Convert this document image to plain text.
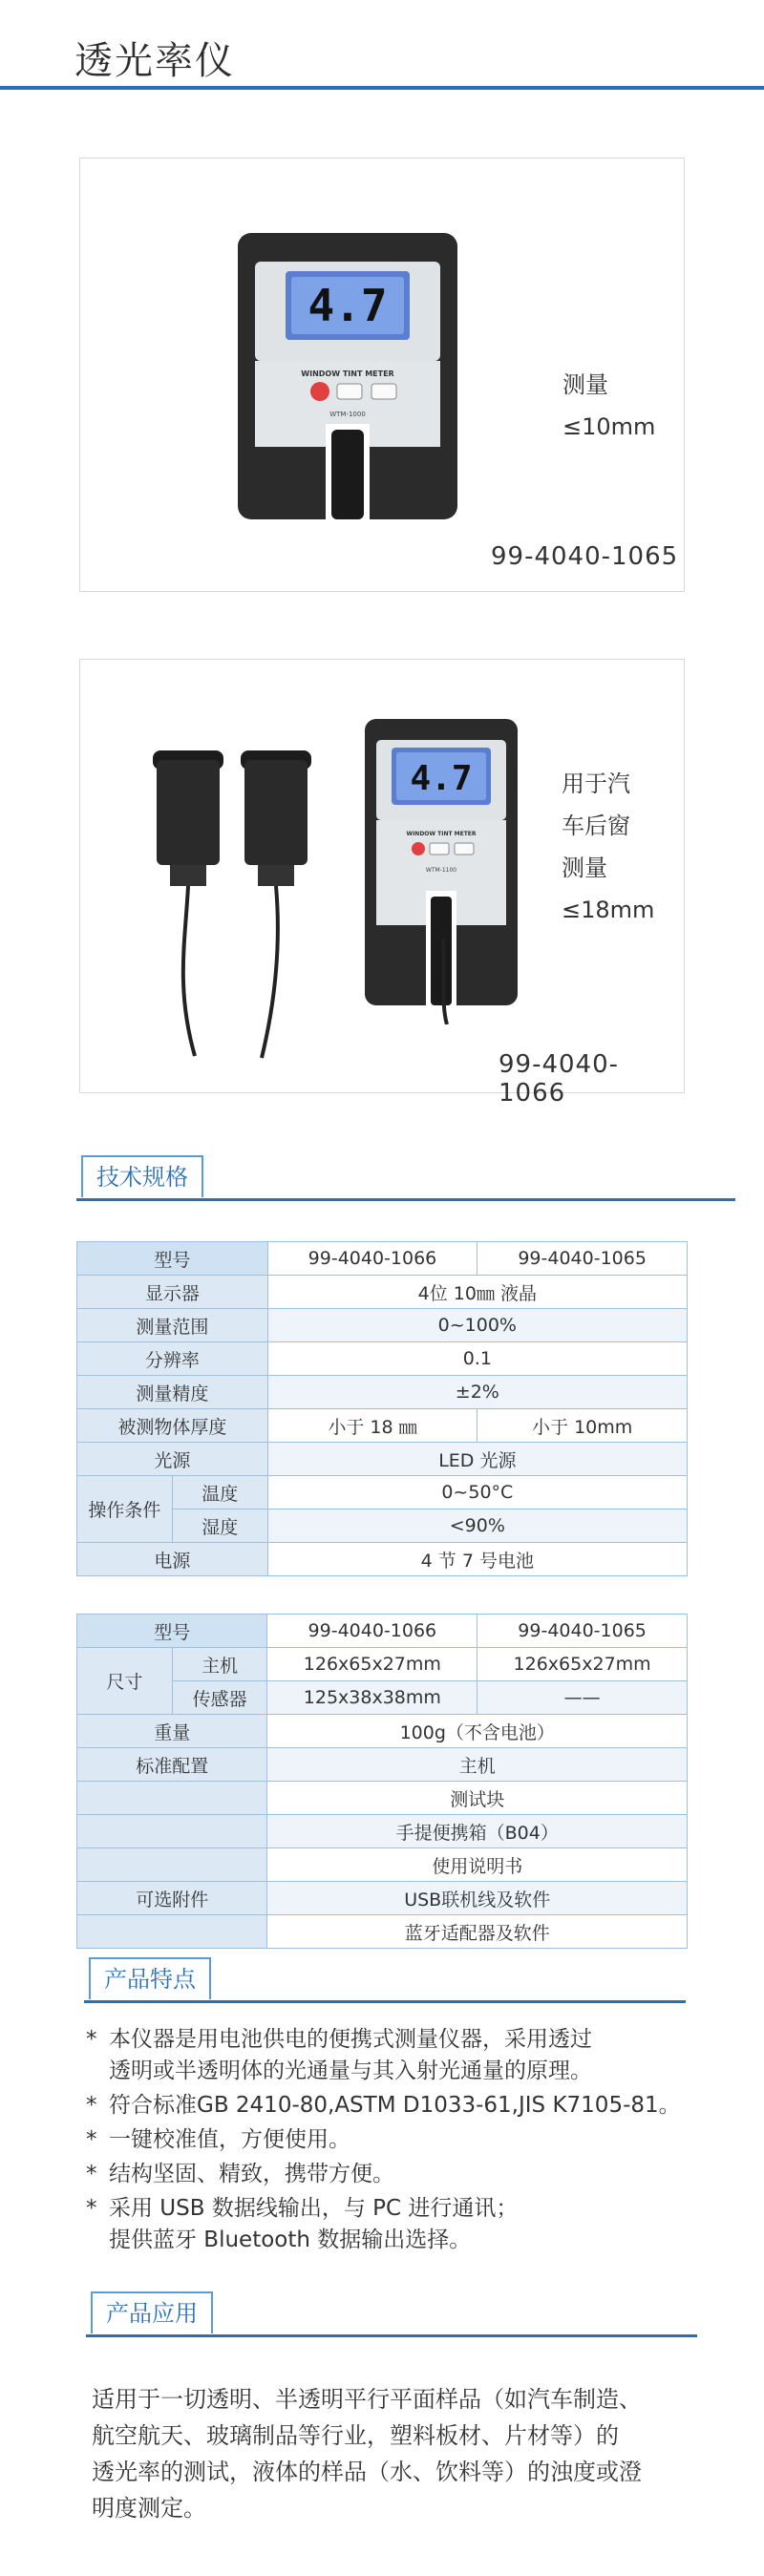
透光率仪
4.7
WINDOW TINT METER
WTM-1000
测量
≤10mm
99-4040-1065
4.7
WINDOW TINT METER
WTM-1100
用于汽
车后窗
测量
≤18mm
99-4040-1066
技术规格
型号		99-4040-1066	99-4040-1065
显示器		4位 10㎜ 液晶	
测量范围		0~100%	
分辨率		0.1	
测量精度		±2%	
被测物体厚度		小于 18 ㎜	小于 10mm
光源		LED 光源	
操作条件	温度	0~50°C	
	湿度	<90%	
电源		4 节 7 号电池	
型号		99-4040-1066	99-4040-1065
尺寸	主机	126x65x27mm	126x65x27mm
	传感器	125x38x38mm	——
重量		100g（不含电池）	
标准配置		主机	
		测试块	
		手提便携箱（B04）	
		使用说明书	
可选附件		USB联机线及软件	
		蓝牙适配器及软件	
产品特点
* 本仪器是用电池供电的便携式测量仪器，采用透过
透明或半透明体的光通量与其入射光通量的原理。
* 符合标准GB 2410-80,ASTM D1033-61,JIS K7105-81。
* 一键校准值，方便使用。
* 结构坚固、精致，携带方便。
* 采用 USB 数据线输出，与 PC 进行通讯；
提供蓝牙 Bluetooth 数据输出选择。
产品应用
适用于一切透明、半透明平行平面样品（如汽车制造、
航空航天、玻璃制品等行业，塑料板材、片材等）的
透光率的测试，液体的样品（水、饮料等）的浊度或澄
明度测定。
